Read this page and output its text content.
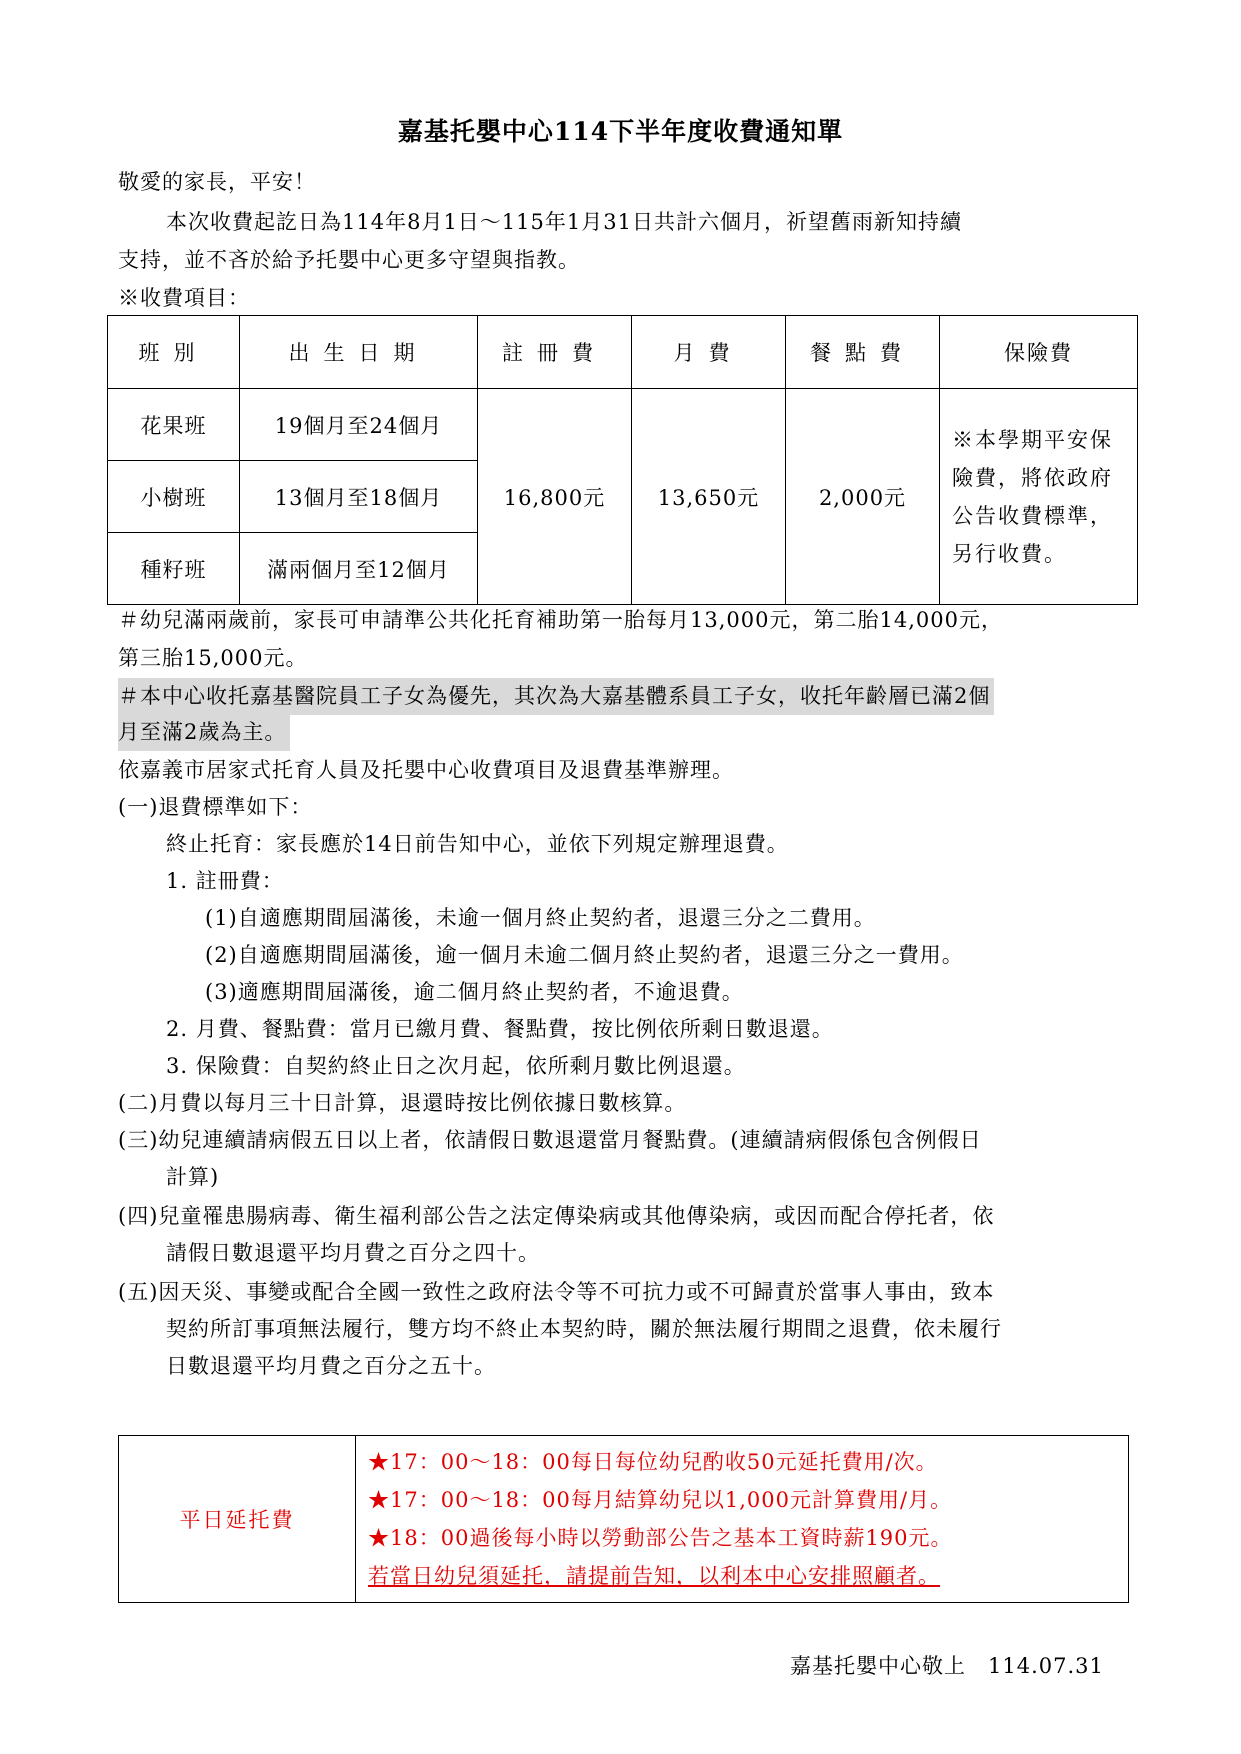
嘉基托嬰中心114下半年度收費通知單
敬愛的家長，平安！
本次收費起訖日為114年8月1日～115年1月31日共計六個月，祈望舊雨新知持續
支持，並不吝於給予托嬰中心更多守望與指教。
※收費項目：
班別	出生日期	註冊費	月費	餐點費	保險費
花果班	19個月至24個月	16,800元	13,650元	2,000元	※本學期平安保
險費，將依政府
公告收費標準，
另行收費。

小樹班	13個月至18個月				
種籽班	滿兩個月至12個月				
＃幼兒滿兩歲前，家長可申請準公共化托育補助第一胎每月13,000元，第二胎14,000元，
第三胎15,000元。
＃本中心收托嘉基醫院員工子女為優先，其次為大嘉基體系員工子女，收托年齡層已滿2個
月至滿2歲為主。
依嘉義市居家式托育人員及托嬰中心收費項目及退費基準辦理。
(一)退費標準如下：
終止托育：家長應於14日前告知中心，並依下列規定辦理退費。
1. 註冊費：
(1)自適應期間屆滿後，未逾一個月終止契約者，退還三分之二費用。
(2)自適應期間屆滿後，逾一個月未逾二個月終止契約者，退還三分之一費用。
(3)適應期間屆滿後，逾二個月終止契約者，不逾退費。
2. 月費、餐點費：當月已繳月費、餐點費，按比例依所剩日數退還。
3. 保險費：自契約終止日之次月起，依所剩月數比例退還。
(二)月費以每月三十日計算，退還時按比例依據日數核算。
(三)幼兒連續請病假五日以上者，依請假日數退還當月餐點費。(連續請病假係包含例假日
計算)
(四)兒童罹患腸病毒、衛生福利部公告之法定傳染病或其他傳染病，或因而配合停托者，依
請假日數退還平均月費之百分之四十。
(五)因天災、事變或配合全國一致性之政府法令等不可抗力或不可歸責於當事人事由，致本
契約所訂事項無法履行，雙方均不終止本契約時，關於無法履行期間之退費，依未履行
日數退還平均月費之百分之五十。
平日延托費	
★17：00～18：00每日每位幼兒酌收50元延托費用/次。
★17：00～18：00每月結算幼兒以1,000元計算費用/月。
★18：00過後每小時以勞動部公告之基本工資時薪190元。
若當日幼兒須延托，請提前告知，以利本中心安排照顧者。
嘉基托嬰中心敬上　114.07.31
